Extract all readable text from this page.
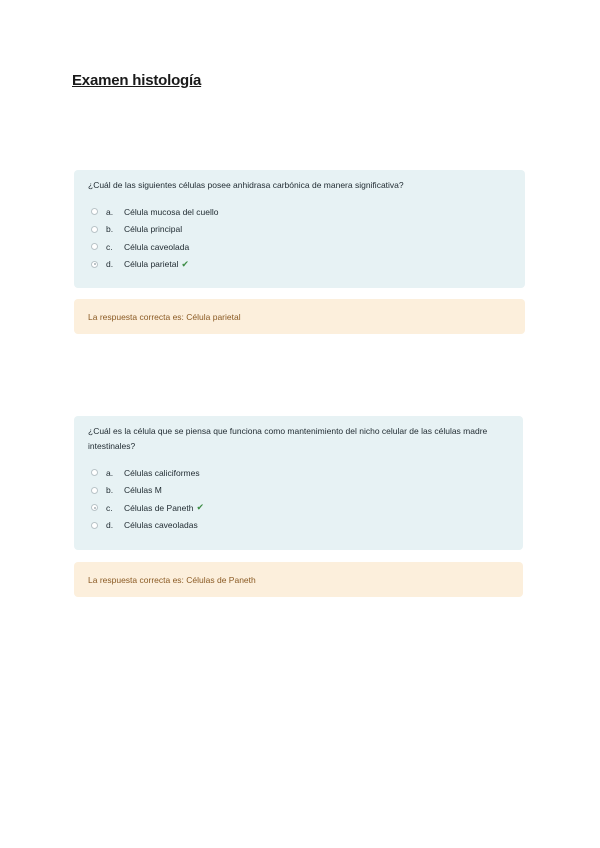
Examen histología

¿Cuál de las siguientes células posee anhidrasa carbónica de manera significativa?

a.	Célula mucosa del cuello
b.	Célula principal
c.	Célula caveolada
d.	Célula parietal ✔
La respuesta correcta es: Célula parietal

¿Cuál es la célula que se piensa que funciona como mantenimiento del nicho celular de las células madre intestinales?

a.	Células caliciformes
b.	Células M
c.	Células de Paneth ✔
d.	Células caveoladas
La respuesta correcta es: Células de Paneth
